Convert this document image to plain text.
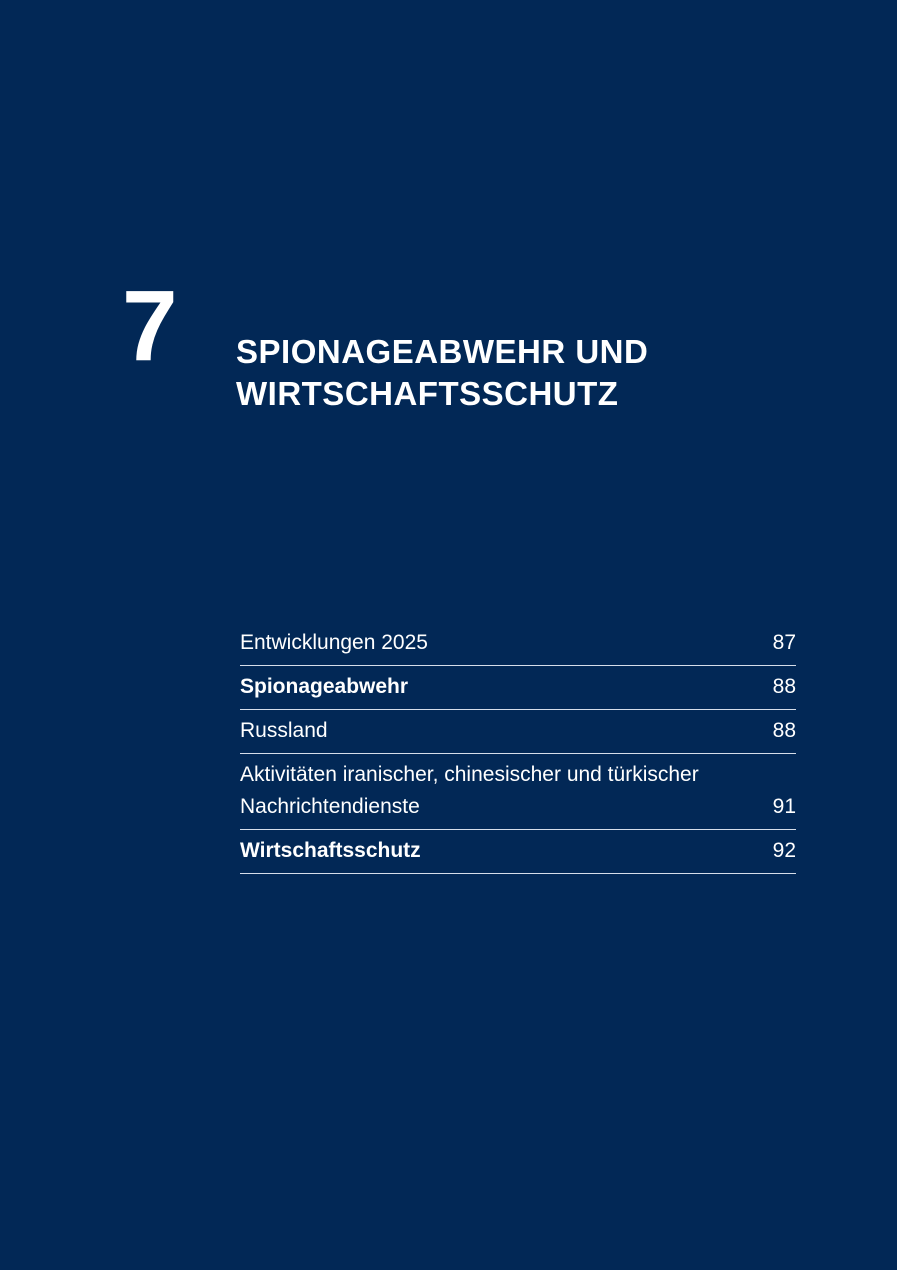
7 SPIONAGEABWEHR UND
WIRTSCHAFTSSCHUTZ
Entwicklungen 2025	87
Spionageabwehr	88
Russland	88
Aktivitäten iranischer, chinesischer und türkischer Nachrichtendienste	91
Wirtschaftsschutz	92
